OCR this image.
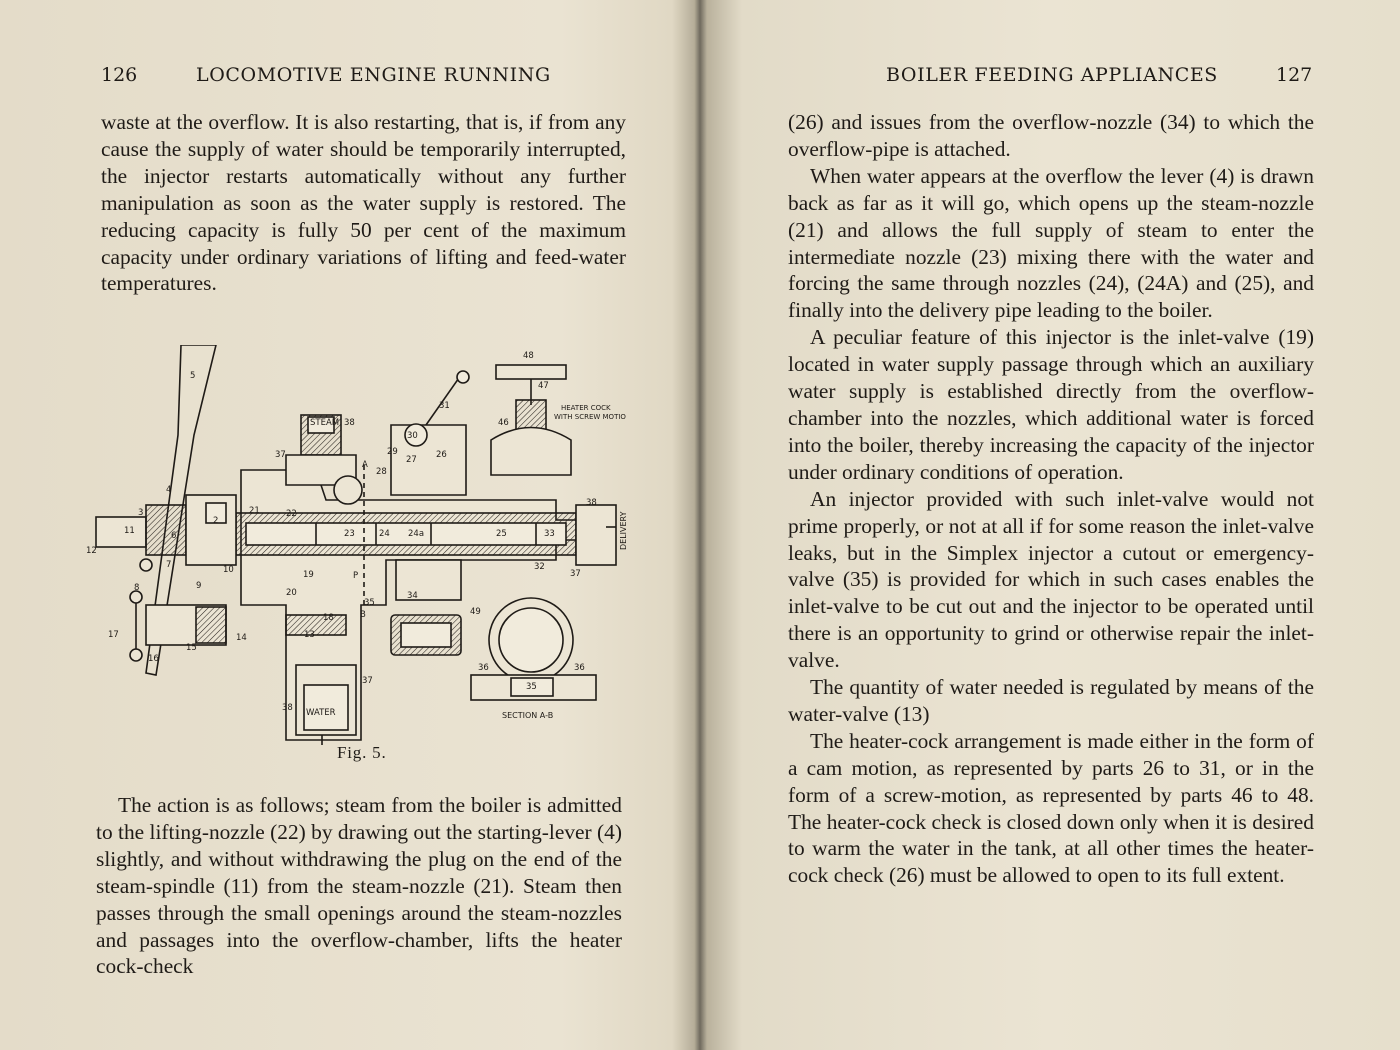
126	LOCOMOTIVE ENGINE RUNNING

waste at the overflow. It is also restarting, that is, if from any cause the supply of water should be temporarily interrupted, the injector restarts automatically without any further manipulation as soon as the water supply is restored. The reducing capacity is fully 50 per cent of the maximum capacity under ordinary variations of lifting and feed-water temperatures.

5
4
3
11
12
6
2
7
8	9
10
17
16
15
14	13
20
19
18
21	22
23	24 24a	25	33
32
37
38
P
35
B
A
34
49
STEAM 38
37	29
28
30
27 26
31
48
47
46
HEATER COCK
WITH SCREW MOTIO
WATER
38
37
36	36
35
SECTION A-B
DELIVERY
Fig. 5.

The action is as follows; steam from the boiler is admitted to the lifting-nozzle (22) by drawing out the starting-lever (4) slightly, and without withdrawing the plug on the end of the steam-spindle (11) from the steam-nozzle (21). Steam then passes through the small openings around the steam-nozzles and passages into the overflow-chamber, lifts the heater cock-check

BOILER FEEDING APPLIANCES	127

(26) and issues from the overflow-nozzle (34) to which the overflow-pipe is attached.

When water appears at the overflow the lever (4) is drawn back as far as it will go, which opens up the steam-nozzle (21) and allows the full supply of steam to enter the intermediate nozzle (23) mixing there with the water and forcing the same through nozzles (24), (24A) and (25), and finally into the delivery pipe leading to the boiler.

A peculiar feature of this injector is the inlet-valve (19) located in water supply passage through which an auxiliary water supply is established directly from the overflow-chamber into the nozzles, which additional water is forced into the boiler, thereby increasing the capacity of the injector under ordinary conditions of operation.

An injector provided with such inlet-valve would not prime properly, or not at all if for some reason the inlet-valve leaks, but in the Simplex injector a cutout or emergency-valve (35) is provided for which in such cases enables the inlet-valve to be cut out and the injector to be operated until there is an opportunity to grind or otherwise repair the inlet-valve.

The quantity of water needed is regulated by means of the water-valve (13)

The heater-cock arrangement is made either in the form of a cam motion, as represented by parts 26 to 31, or in the form of a screw-motion, as represented by parts 46 to 48. The heater-cock check is closed down only when it is desired to warm the water in the tank, at all other times the heater-cock check (26) must be allowed to open to its full extent.
